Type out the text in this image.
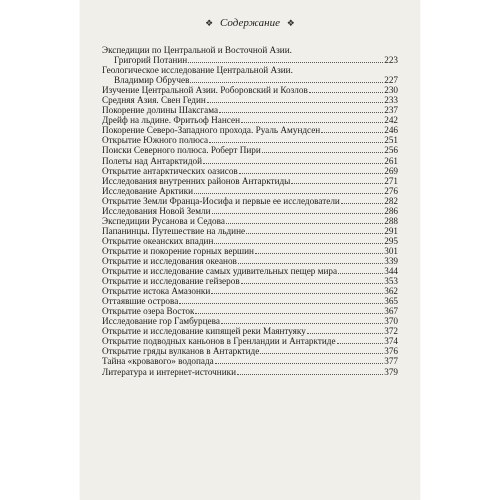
❖ Содержание ❖
Экспедиции по Центральной и Восточной Азии.
Григорий Потанин	223
Геологическое исследование Центральной Азии.
Владимир Обручев	227
Изучение Центральной Азии. Роборовский и Козлов	230
Средняя Азия. Свен Гедин	233
Покорение долины Шаксгама	237
Дрейф на льдине. Фритьоф Нансен	242
Покорение Северо-Западного прохода. Руаль Амундсен	246
Открытие Южного полюса	251
Поиски Северного полюса. Роберт Пири	256
Полеты над Антарктидой	261
Открытие антарктических оазисов	269
Исследования внутренних районов Антарктиды	271
Исследование Арктики	276
Открытие Земли Франца-Иосифа и первые ее исследователи	282
Исследования Новой Земли	286
Экспедиции Русанова и Седова	288
Папанинцы. Путешествие на льдине	291
Открытие океанских впадин	295
Открытие и покорение горных вершин	301
Открытие и исследования океанов	339
Открытие и исследование самых удивительных пещер мира	344
Открытие и исследование гейзеров	353
Открытие истока Амазонки	362
Оттаявшие острова	365
Открытие озера Восток	367
Исследование гор Гамбурцева	370
Открытие и исследование кипящей реки Маянтуяку	372
Открытие подводных каньонов в Гренландии и Антарктиде	374
Открытие гряды вулканов в Антарктиде	376
Тайна «кровавого» водопада	377
Литература и интернет-источники	379
